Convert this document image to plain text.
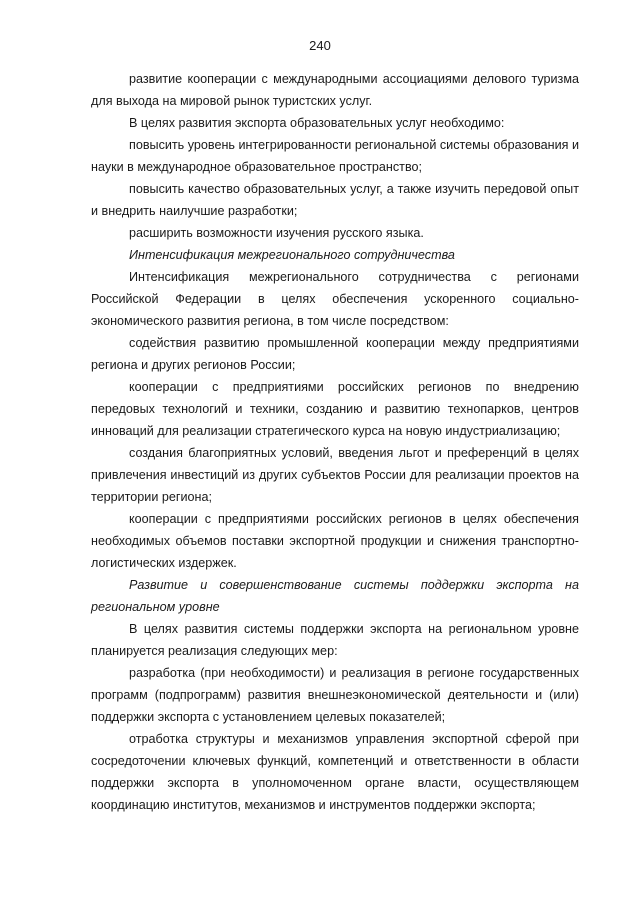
240

развитие кооперации с международными ассоциациями делового туризма для выхода на мировой рынок туристских услуг.

В целях развития экспорта образовательных услуг необходимо:

повысить уровень интегрированности региональной системы образования и науки в международное образовательное пространство;

повысить качество образовательных услуг, а также изучить передовой опыт и внедрить наилучшие разработки;

расширить возможности изучения русского языка.

Интенсификация межрегионального сотрудничества

Интенсификация межрегионального сотрудничества с регионами Российской Федерации в целях обеспечения ускоренного социально-экономического развития региона, в том числе посредством:

содействия развитию промышленной кооперации между предприятиями региона и других регионов России;

кооперации с предприятиями российских регионов по внедрению передовых технологий и техники, созданию и развитию технопарков, центров инноваций для реализации стратегического курса на новую индустриализацию;

создания благоприятных условий, введения льгот и преференций в целях привлечения инвестиций из других субъектов России для реализации проектов на территории региона;

кооперации с предприятиями российских регионов в целях обеспечения необходимых объемов поставки экспортной продукции и снижения транспортно-логистических издержек.

Развитие и совершенствование системы поддержки экспорта на региональном уровне

В целях развития системы поддержки экспорта на региональном уровне планируется реализация следующих мер:

разработка (при необходимости) и реализация в регионе государственных программ (подпрограмм) развития внешнеэкономической деятельности и (или) поддержки экспорта с установлением целевых показателей;

отработка структуры и механизмов управления экспортной сферой при сосредоточении ключевых функций, компетенций и ответственности в области поддержки экспорта в уполномоченном органе власти, осуществляющем координацию институтов, механизмов и инструментов поддержки экспорта;
